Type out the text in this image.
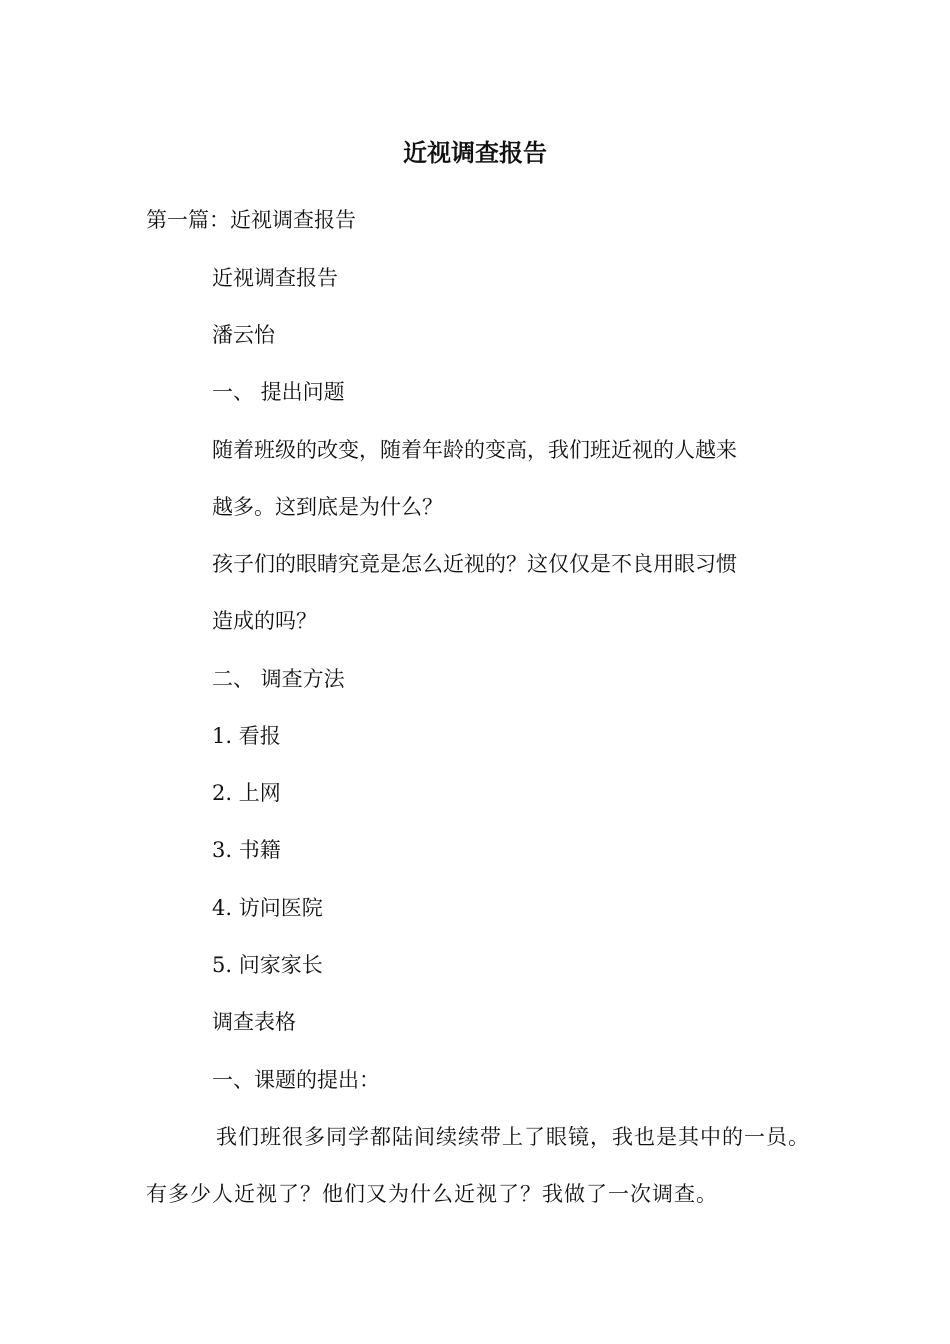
近视调查报告
第一篇：近视调查报告
近视调查报告
潘云怡
一、 提出问题
随着班级的改变，随着年龄的变高，我们班近视的人越来
越多。这到底是为什么？
孩子们的眼睛究竟是怎么近视的？这仅仅是不良用眼习惯
造成的吗？
二、 调查方法
1. 看报
2. 上网
3. 书籍
4. 访问医院
5. 问家家长
调查表格
一、课题的提出：
我们班很多同学都陆间续续带上了眼镜，我也是其中的一员。
有多少人近视了？他们又为什么近视了？我做了一次调查。
